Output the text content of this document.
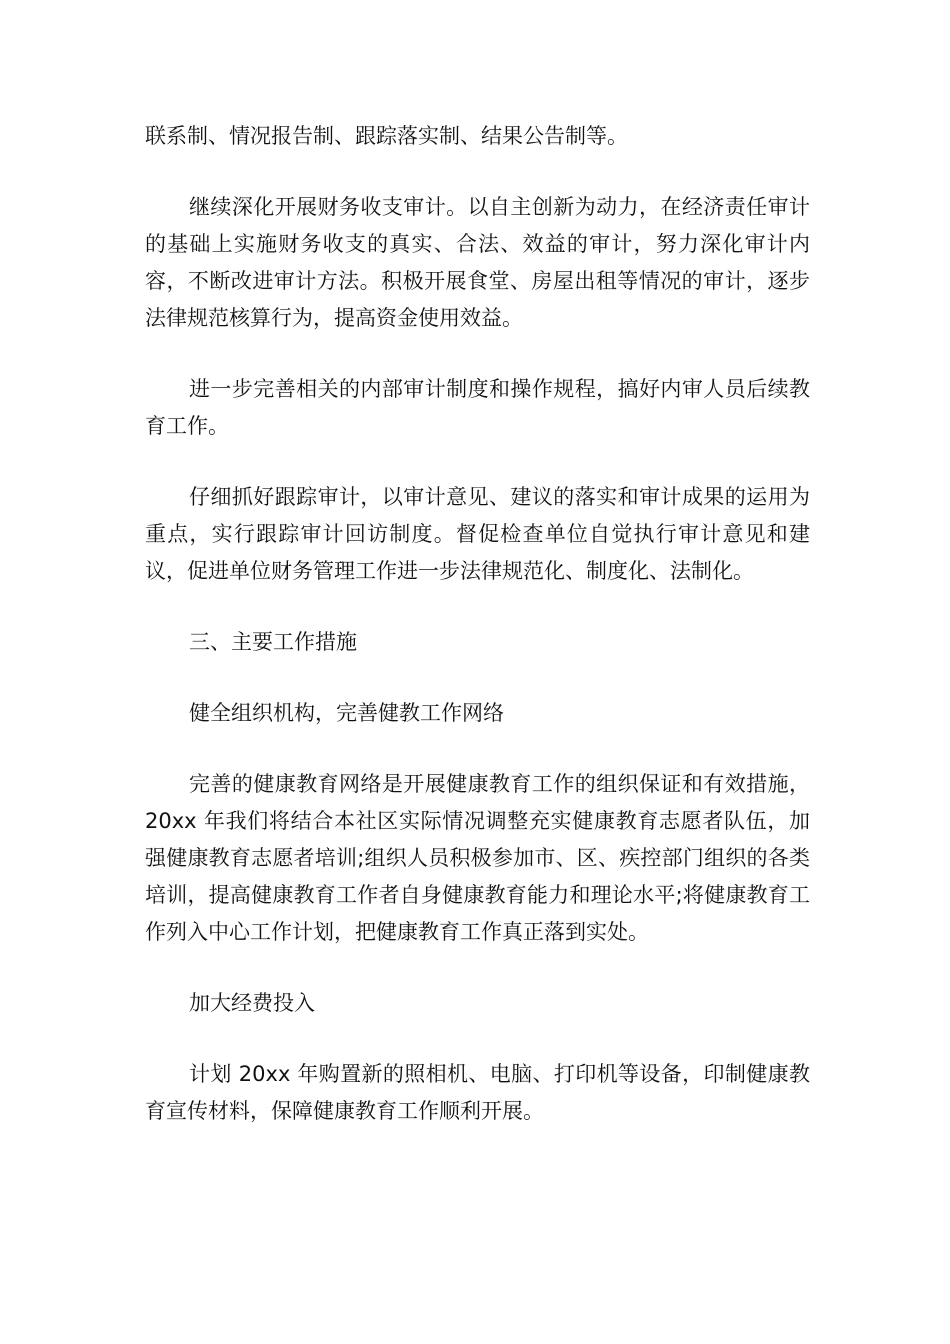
联系制、情况报告制、跟踪落实制、结果公告制等。

继续深化开展财务收支审计。以自主创新为动力，在经济责任审计的基础上实施财务收支的真实、合法、效益的审计，努力深化审计内容，不断改进审计方法。积极开展食堂、房屋出租等情况的审计，逐步法律规范核算行为，提高资金使用效益。

进一步完善相关的内部审计制度和操作规程，搞好内审人员后续教育工作。

仔细抓好跟踪审计，以审计意见、建议的落实和审计成果的运用为重点，实行跟踪审计回访制度。督促检查单位自觉执行审计意见和建议，促进单位财务管理工作进一步法律规范化、制度化、法制化。

三、主要工作措施

健全组织机构，完善健教工作网络

完善的健康教育网络是开展健康教育工作的组织保证和有效措施，20xx 年我们将结合本社区实际情况调整充实健康教育志愿者队伍，加强健康教育志愿者培训;组织人员积极参加市、区、疾控部门组织的各类培训，提高健康教育工作者自身健康教育能力和理论水平;将健康教育工作列入中心工作计划，把健康教育工作真正落到实处。

加大经费投入

计划 20xx 年购置新的照相机、电脑、打印机等设备，印制健康教育宣传材料，保障健康教育工作顺利开展。
